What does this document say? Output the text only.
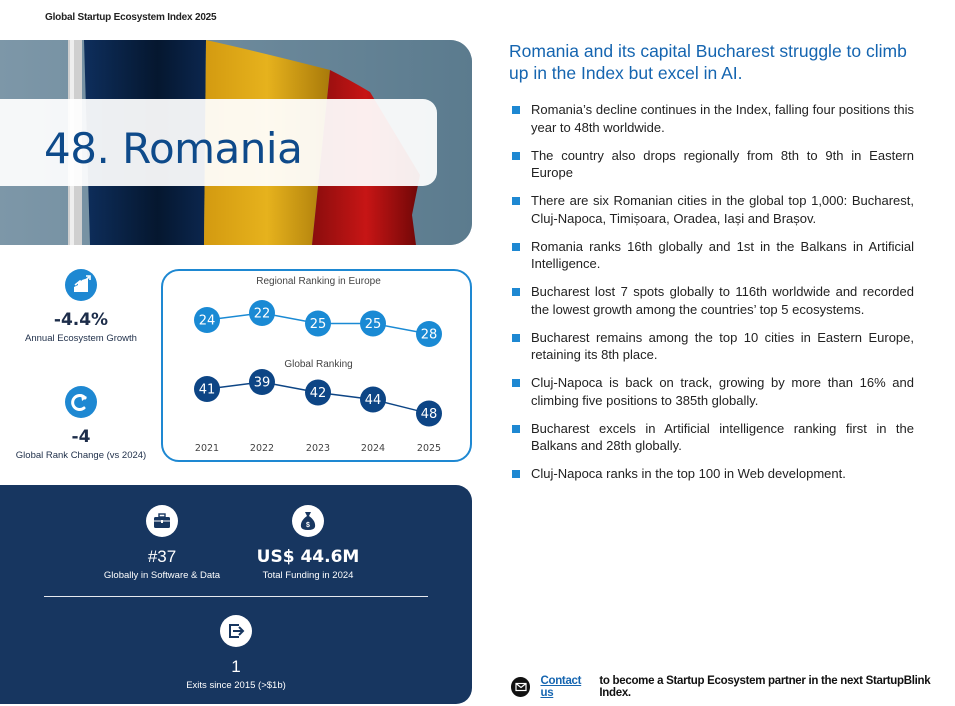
Global Startup Ecosystem Index 2025
48. Romania
-4.4%
Annual Ecosystem Growth
-4
Global Rank Change (vs 2024)
Regional Ranking in Europe
Global Ranking
24	22
25	25
28
41	39
42	44
48
2021	2022	2023	2024	2025
#37
Globally in Software & Data
$
US$ 44.6M
Total Funding in 2024
1
Exits since 2015 (>$1b)
Romania and its capital Bucharest struggle to climb up in the Index but excel in AI.
Romania’s decline continues in the Index, falling four positions this year to 48th worldwide.
The country also drops regionally from 8th to 9th in Eastern Europe
There are six Romanian cities in the global top 1,000: Bucharest, Cluj-Napoca, Timișoara, Oradea, Iași and Brașov.
Romania ranks 16th globally and 1st in the Balkans in Artificial Intelligence.
Bucharest lost 7 spots globally to 116th worldwide and recorded the lowest growth among the countries’ top 5 ecosystems.
Bucharest remains among the top 10 cities in Eastern Europe, retaining its 8th place.
Cluj-Napoca is back on track, growing by more than 16% and climbing five positions to 385th globally.
Bucharest excels in Artificial intelligence ranking first in the Balkans and 28th globally.
Cluj-Napoca ranks in the top 100 in Web development.
Contact us
to become a Startup Ecosystem partner in the next StartupBlink Index.
